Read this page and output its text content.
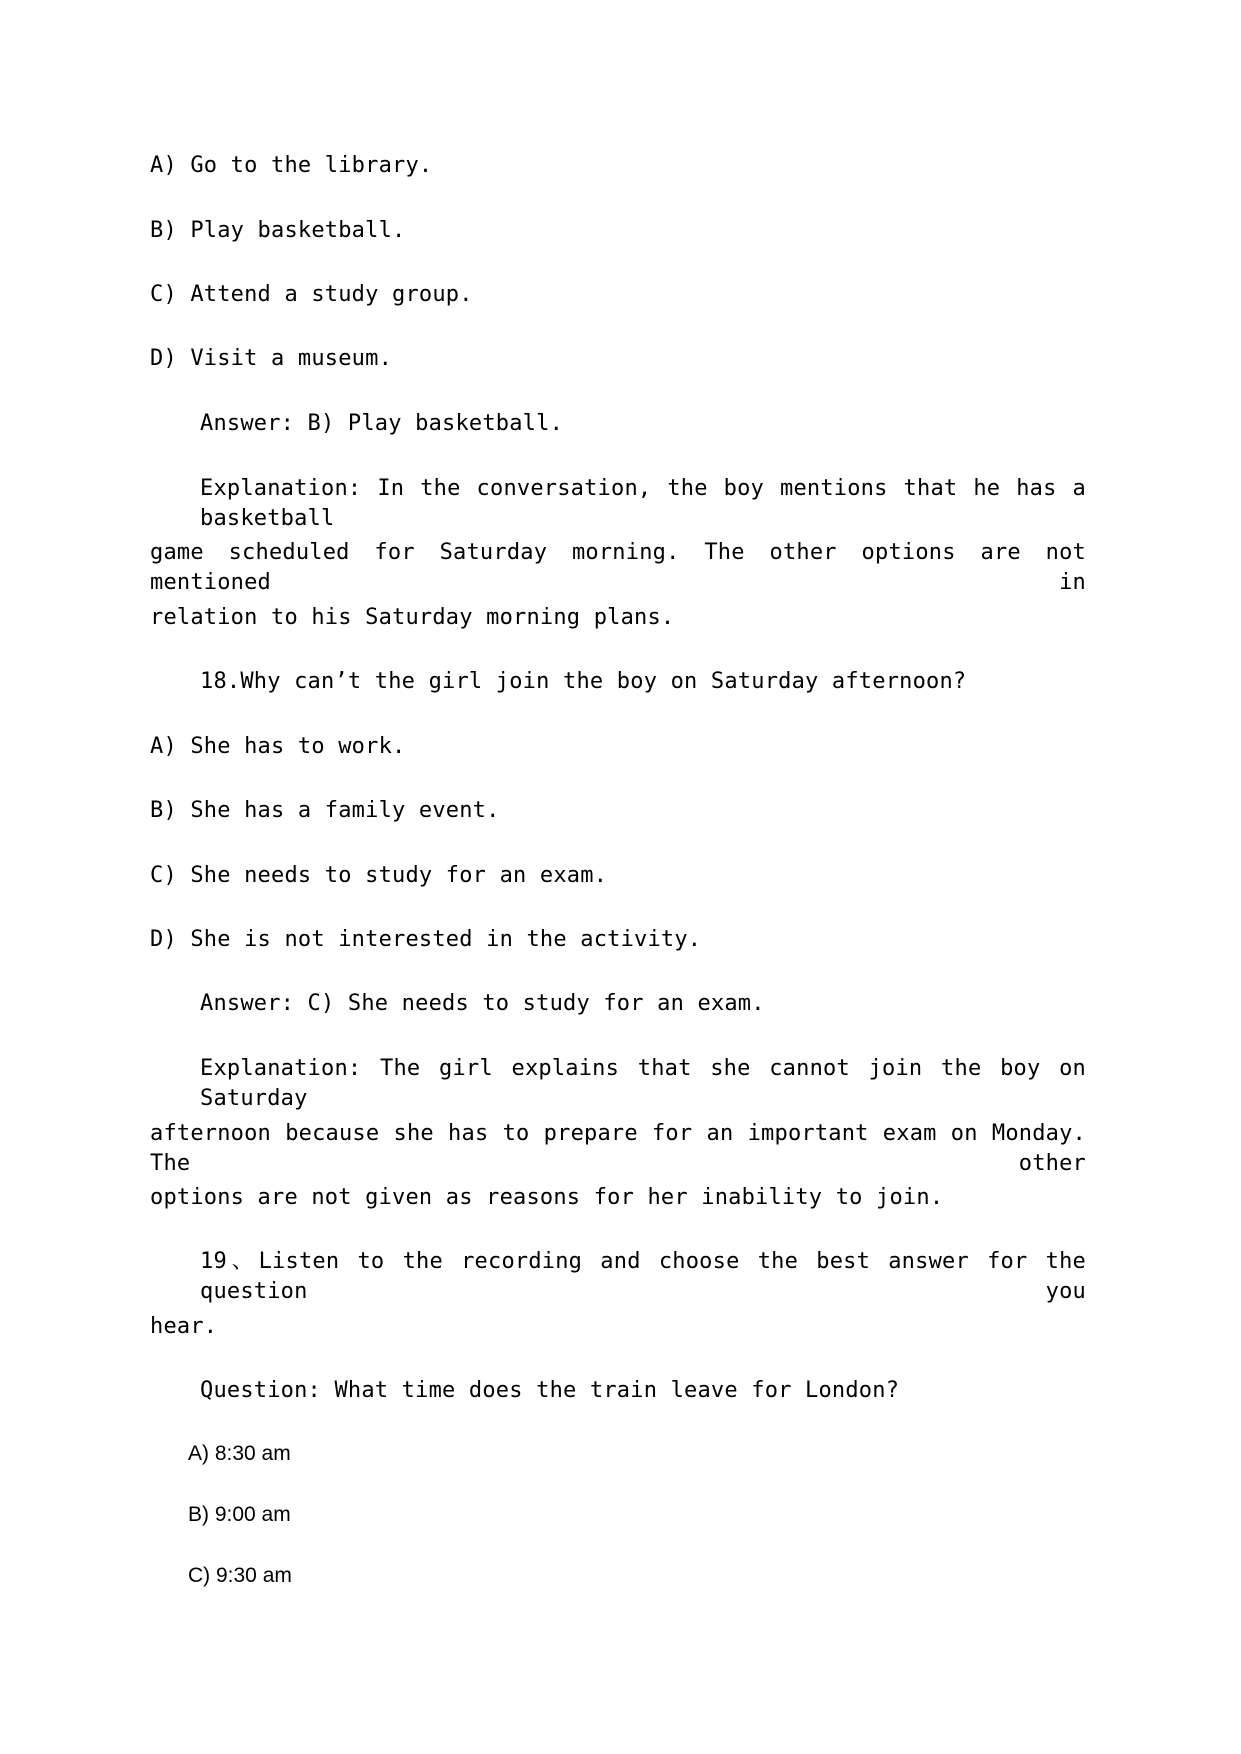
A) Go to the library.
B) Play basketball.
C) Attend a study group.
D) Visit a museum.
Answer: B) Play basketball.
Explanation: In the conversation, the boy mentions that he has a basketball
game scheduled for Saturday morning. The other options are not mentioned in
relation to his Saturday morning plans.
18.Why can’t the girl join the boy on Saturday afternoon?
A) She has to work.
B) She has a family event.
C) She needs to study for an exam.
D) She is not interested in the activity.
Answer: C) She needs to study for an exam.
Explanation: The girl explains that she cannot join the boy on Saturday
afternoon because she has to prepare for an important exam on Monday. The other
options are not given as reasons for her inability to join.
19、Listen to the recording and choose the best answer for the question you
hear.
Question: What time does the train leave for London?
A) 8:30 am
B) 9:00 am
C) 9:30 am
